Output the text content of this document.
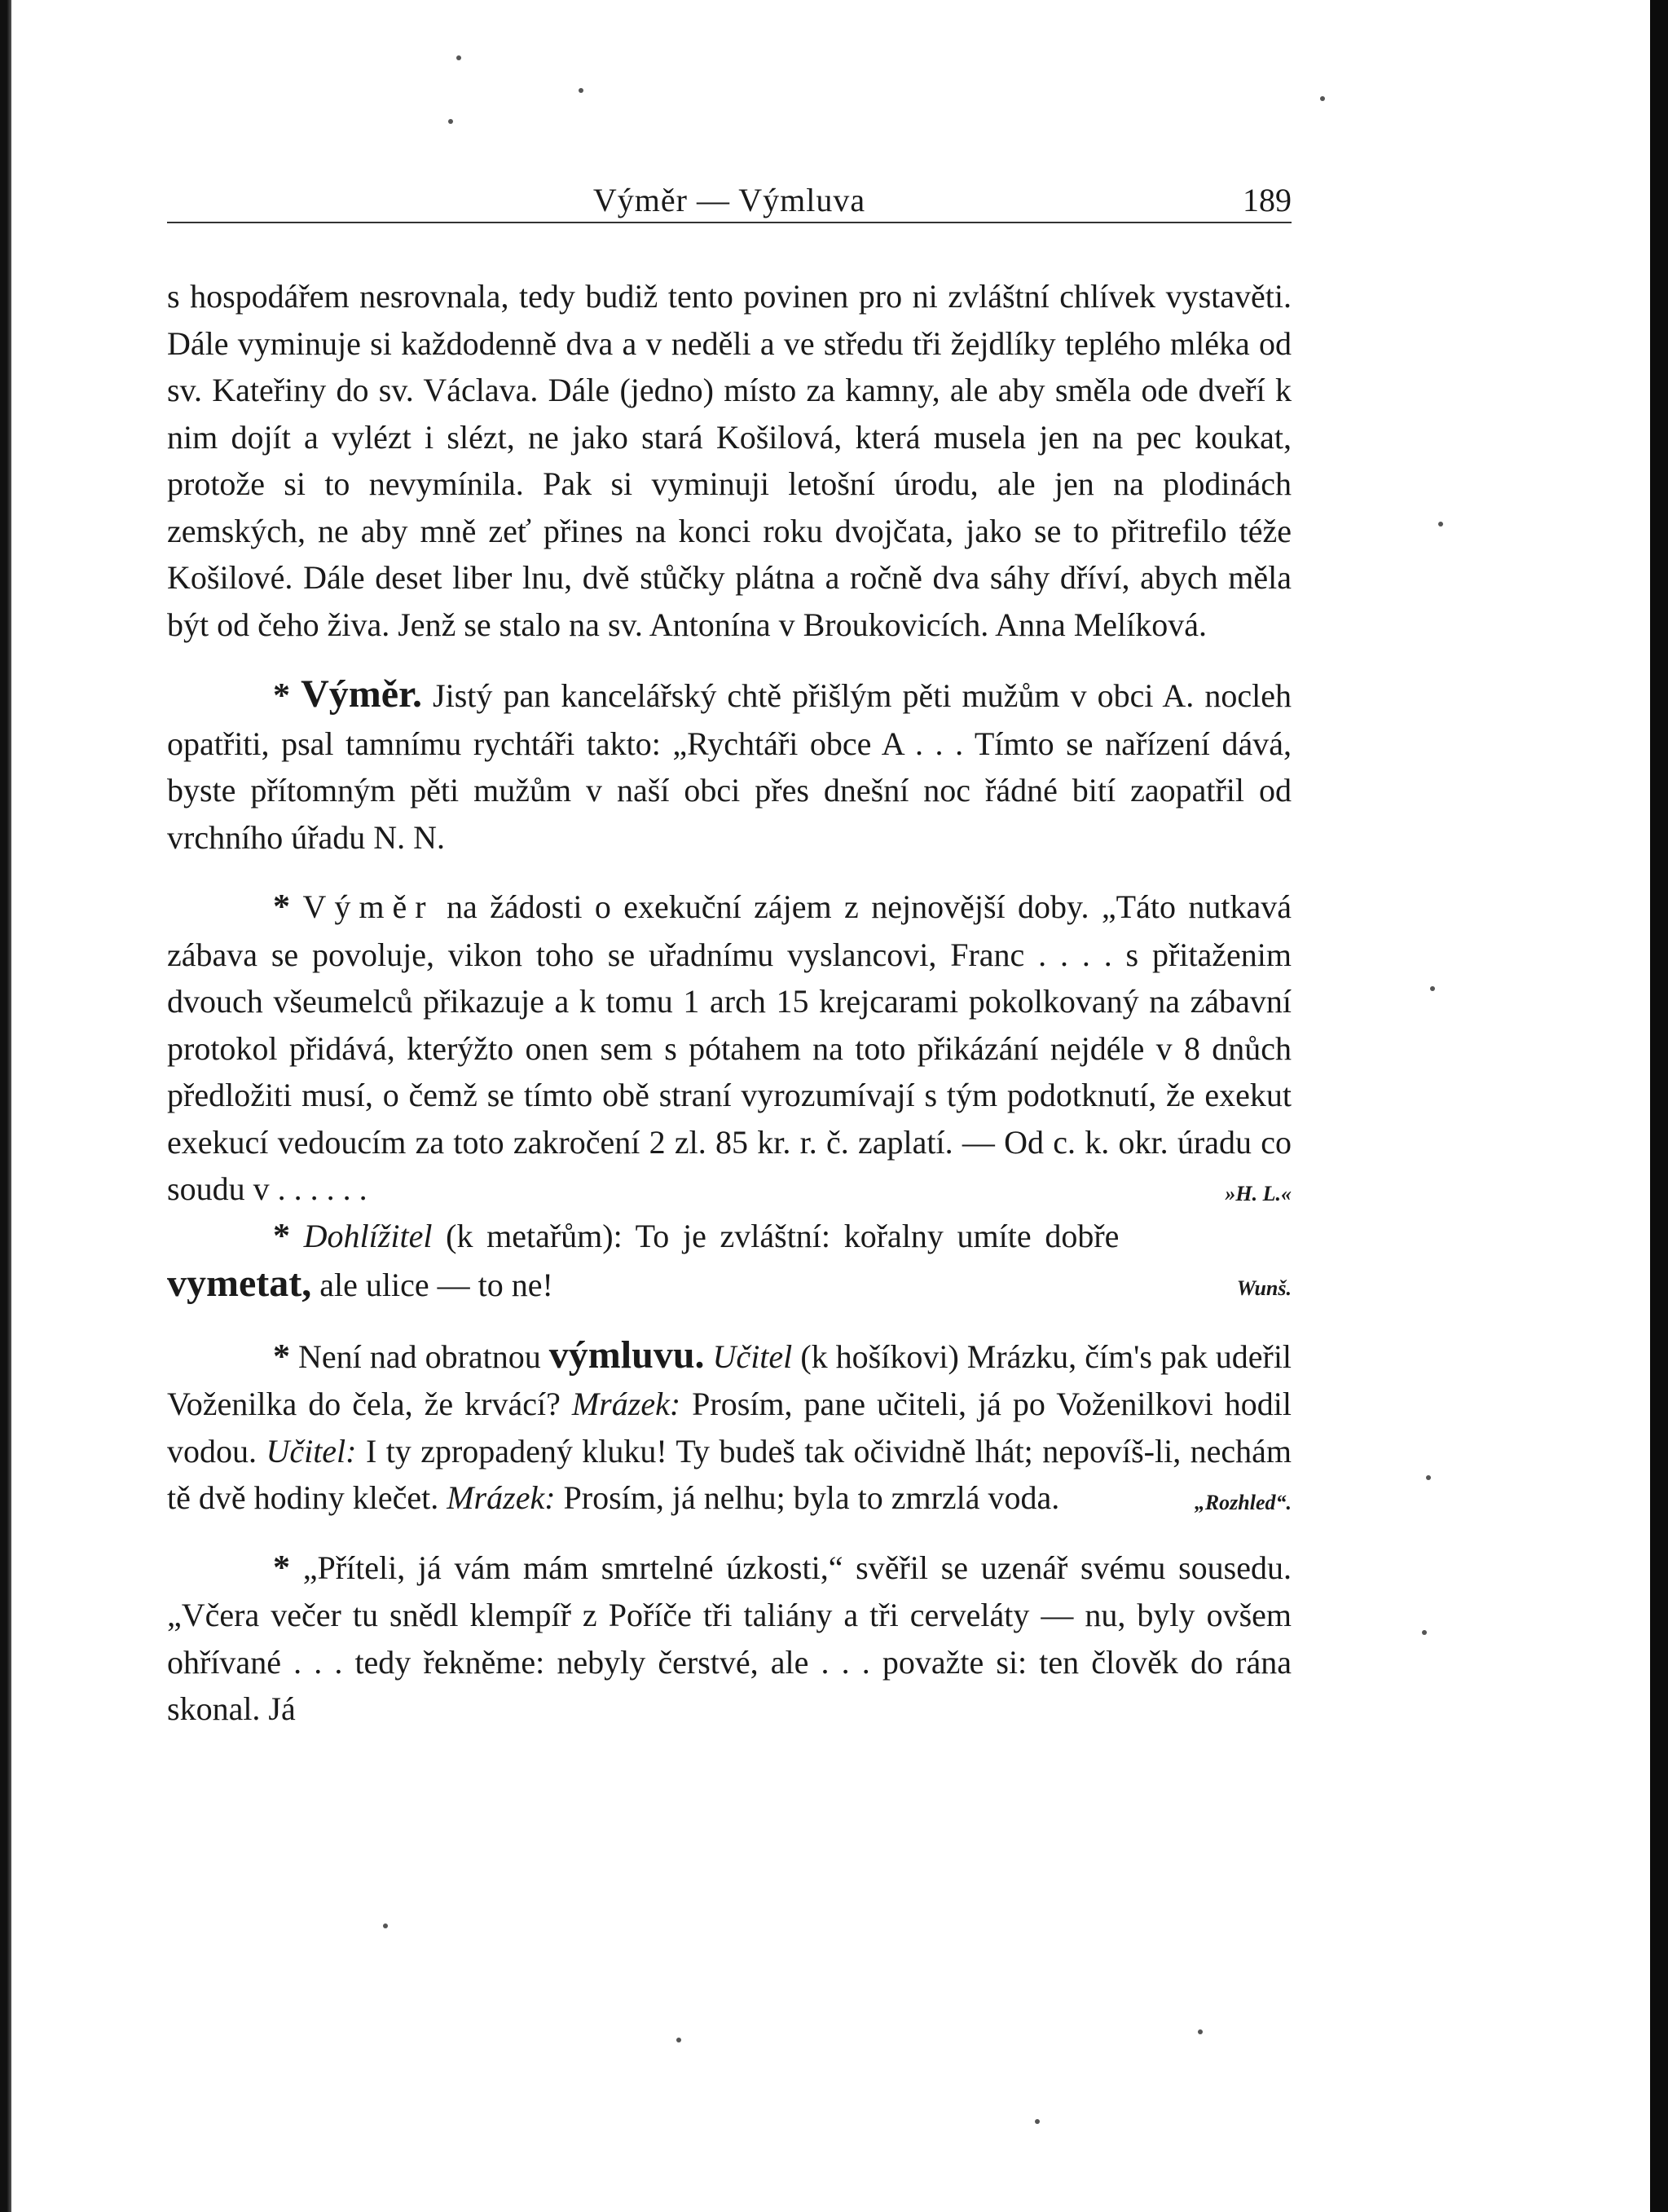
Výměr — Výmluva	189

s hospodářem nesrovnala, tedy budiž tento povinen pro ni zvláštní chlívek vystavěti. Dále vyminuje si každodenně dva a v neděli a ve středu tři žejdlíky teplého mléka od sv. Kateřiny do sv. Václava. Dále (jedno) místo za kamny, ale aby směla ode dveří k nim dojít a vylézt i slézt, ne jako stará Košilová, která musela jen na pec koukat, protože si to nevymínila. Pak si vyminuji letošní úrodu, ale jen na plodinách zemských, ne aby mně zeť přines na konci roku dvojčata, jako se to přitrefilo téže Košilové. Dále deset liber lnu, dvě stůčky plátna a ročně dva sáhy dříví, abych měla být od čeho živa. Jenž se stalo na sv. Antonína v Broukovicích. Anna Melíková.

* Výměr. Jistý pan kancelářský chtě přišlým pěti mužům v obci A. nocleh opatřiti, psal tamnímu rychtáři takto: „Rychtáři obce A . . . Tímto se nařízení dává, byste přítomným pěti mužům v naší obci přes dnešní noc řádné bití zaopatřil od vrchního úřadu N. N.

* Výměr na žádosti o exekuční zájem z nejnovější doby. „Táto nutkavá zábava se povoluje, vikon toho se uřadnímu vyslancovi, Franc . . . . s přitaženim dvouch všeumelců přikazuje a k tomu 1 arch 15 krejcarami pokolkovaný na zábavní protokol přidává, kterýžto onen sem s pótahem na toto přikázání nejdéle v 8 dnůch předložiti musí, o čemž se tímto obě straní vyrozumívají s tým podotknutí, že exekut exekucí vedoucím za toto zakročení 2 zl. 85 kr. r. č. zaplatí. — Od c. k. okr. úradu co soudu v . . . . . .	»H. L.«

* Dohlížitel (k metařům): To je zvláštní: kořalny umíte dobře vymetat, ale ulice — to ne!	Wunš.

* Není nad obratnou výmluvu. Učitel (k hošíkovi) Mrázku, čím's pak udeřil Voženilka do čela, že krvácí? Mrázek: Prosím, pane učiteli, já po Voženilkovi hodil vodou. Učitel: I ty zpropadený kluku! Ty budeš tak očividně lhát; nepovíš-li, nechám tě dvě hodiny klečet. Mrázek: Prosím, já nelhu; byla to zmrzlá voda.	„Rozhled“.

* „Příteli, já vám mám smrtelné úzkosti,“ svěřil se uzenář svému sousedu. „Včera večer tu snědl klempíř z Poříče tři taliány a tři cerveláty — nu, byly ovšem ohřívané . . . tedy řekněme: nebyly čerstvé, ale . . . považte si: ten člověk do rána skonal. Já
